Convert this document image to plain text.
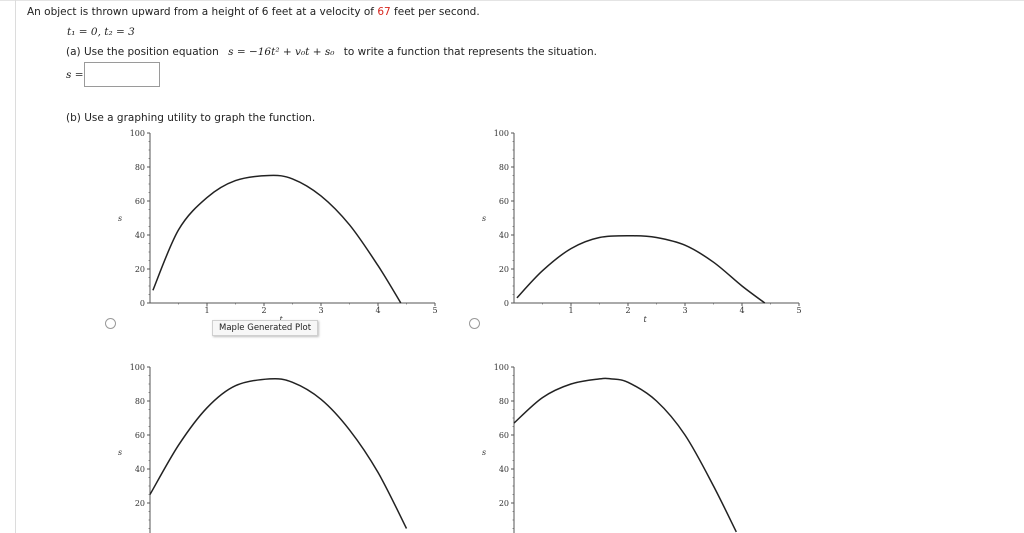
An object is thrown upward from a height of 6 feet at a velocity of 67 feet per second.
t₁ = 0, t₂ = 3
(a) Use the position equation s = −16t² + v₀t + s₀ to write a function that represents the situation.
s =
(b) Use a graphing utility to graph the function.
100
80
60
40
20
0
s
1	2	3	4	5
100
80
60
40
20
0
s
1	2	3	4	5
t
100
80
60
40
20
s
100
80
60
40
20
s
Maple Generated Plot
